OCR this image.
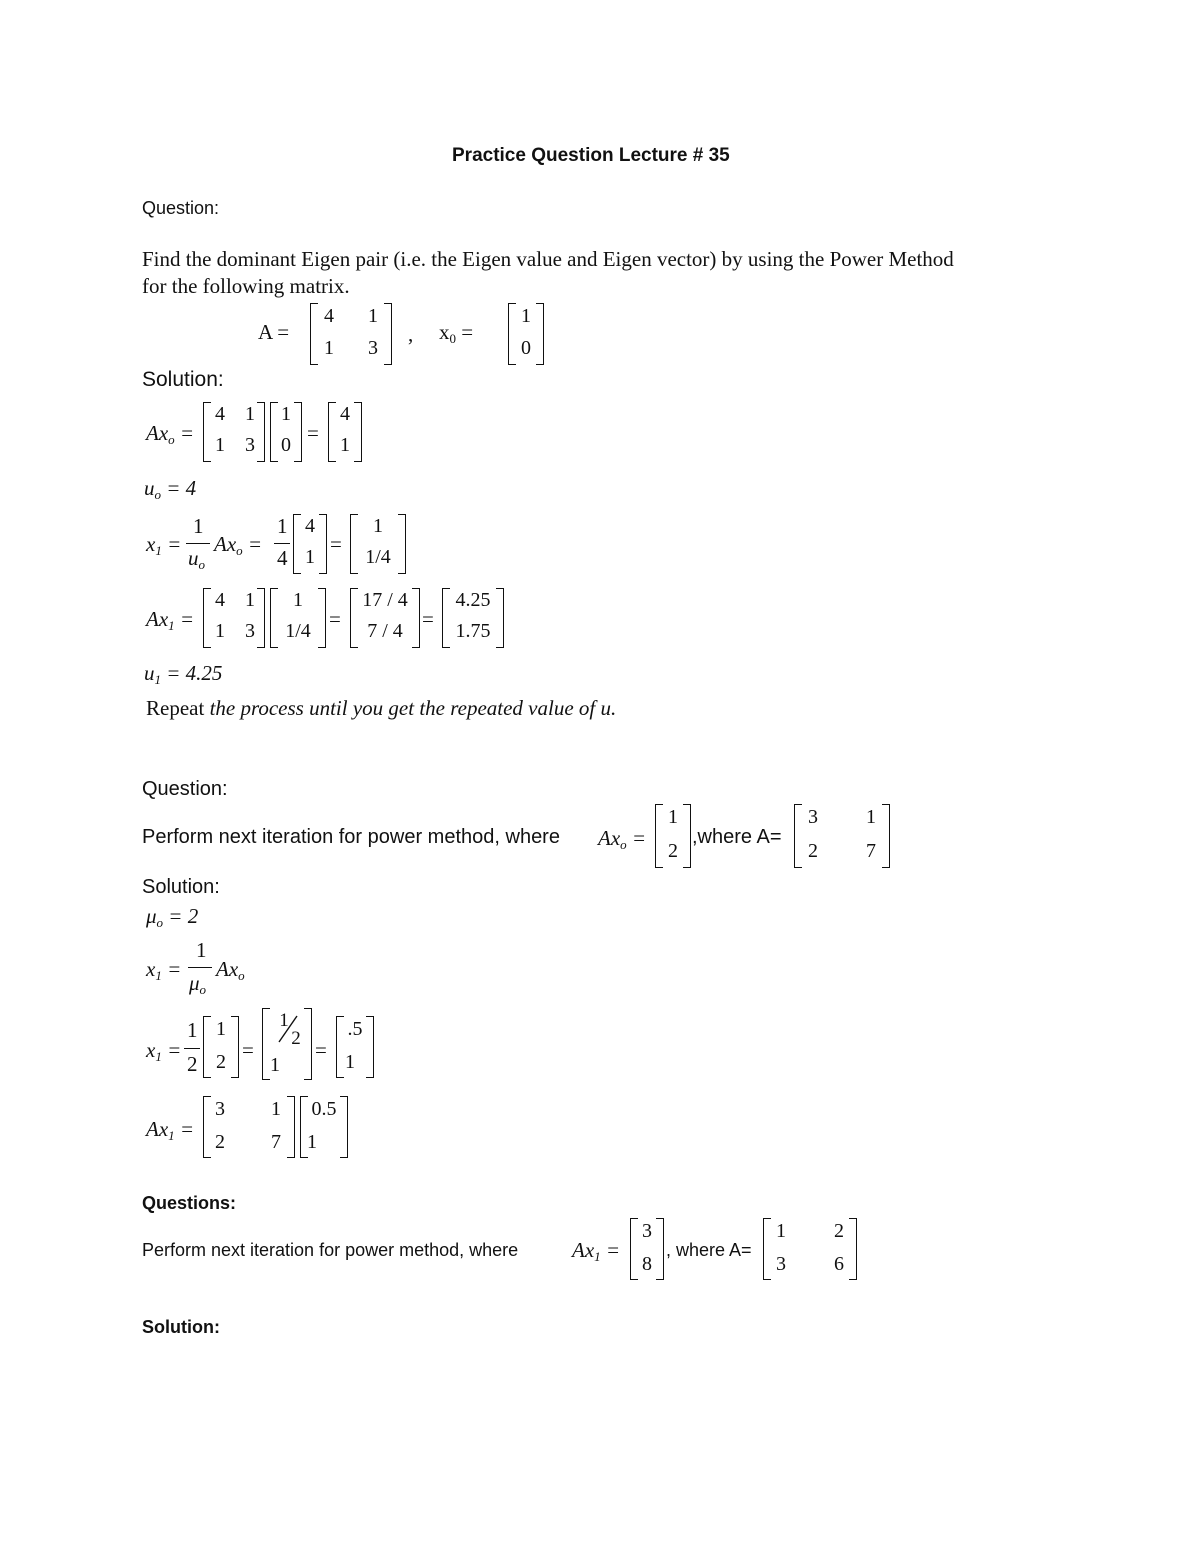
Practice Question Lecture # 35
Question:
Find the dominant Eigen pair (i.e. the Eigen value and Eigen vector) by using the Power Method
for the following matrix.
A =
4	1
1	3
, $x_0$ =
1
0
Solution:
$Ax_o$ =
4 1
1 3
1
0 =
4
1
$u_o = 4$
$x_1$ =
1
$u_o$
$Ax_o$ =
1
4
4
1
=
1
1/4
$Ax_1$ =
4 1
1 3
1
1/4 =
17 / 4
7 / 4 =
4.25
1.75
$u_1 = 4.25$
Repeat the process until you get the repeated value of u.
Question:
Perform next iteration for power method, where $Ax_o$ =
1
2
,where A=
3	1
2	7
Solution:
$\mu_o = 2$
$x_1$ =
1
$\mu_o$
$Ax_o$
$x_1$ =
1
2
1
2 =
1
2
1
=
.5
1
$Ax_1$ =
3 1
2 7
0.5
1
Questions:
Perform next iteration for power method, where	$Ax_1$ =
3
8
, where A=
1	2
3	6
Solution:
